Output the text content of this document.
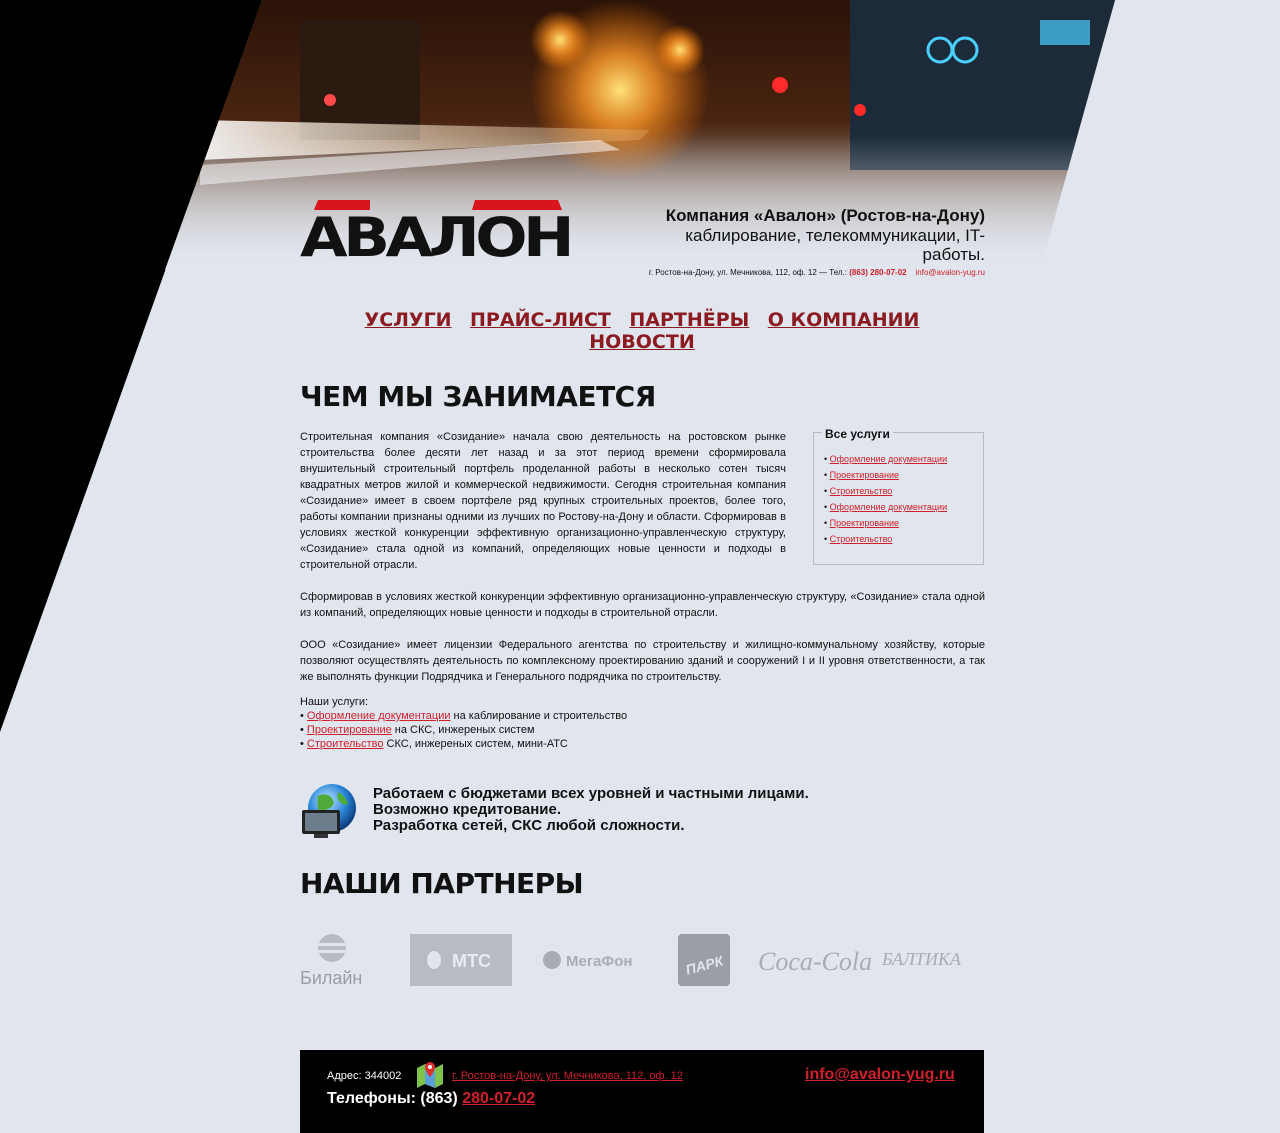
АВАЛОН	Компания «Авалон» (Ростов-на-Дону)
каблирование, телекоммуникации, IT-работы.
г. Ростов-на-Дону, ул. Мечникова, 112, оф. 12 — Тел.: (863) 280-07-02 info@avalon-yug.ru
УСЛУГИ ПРАЙС-ЛИСТ ПАРТНЁРЫ О КОМПАНИИ НОВОСТИ
ЧЕМ МЫ ЗАНИМАЕТСЯ
Все услуги
• Оформление документации
• Проектирование
• Строительство
• Оформление документации
• Проектирование
• Строительство

Строительная компания «Созидание» начала свою деятельность на ростовском рынке строительства более десяти лет назад и за этот период времени сформировала внушительный строительный портфель проделанной работы в несколько сотен тысяч квадратных метров жилой и коммерческой недвижимости. Сегодня строительная компания «Созидание» имеет в своем портфеле ряд крупных строительных проектов, более того, работы компании признаны одними из лучших по Ростову-на-Дону и области. Сформировав в условиях жесткой конкуренции эффективную организационно-управленческую структуру, «Созидание» стала одной из компаний, определяющих новые ценности и подходы в строительной отрасли.

Сформировав в условиях жесткой конкуренции эффективную организационно-управленческую структуру, «Созидание» стала одной из компаний, определяющих новые ценности и подходы в строительной отрасли.

ООО «Созидание» имеет лицензии Федерального агентства по строительству и жилищно-коммунальному хозяйству, которые позволяют осуществлять деятельность по комплексному проектированию зданий и сооружений I и II уровня ответственности, а так же выполнять функции Подрядчика и Генерального подрядчика по строительству.

Наши услуги:
• Оформление документации на каблирование и строительство
• Проектирование на СКС, инжереных систем
• Строительство СКС, инжереных систем, мини-АТС
Работаем с бюджетами всех уровней и частными лицами.
Возможно кредитование.
Разработка сетей, СКС любой сложности.
НАШИ ПАРТНЕРЫ
Билайн
МТС	МегаФон	ПАРК Coca-Cola БАЛТИКА
Адрес: 344002	г. Ростов-на-Дону, ул. Мечникова, 112, оф. 12
Телефоны: (863) 280-07-02
info@avalon-yug.ru
